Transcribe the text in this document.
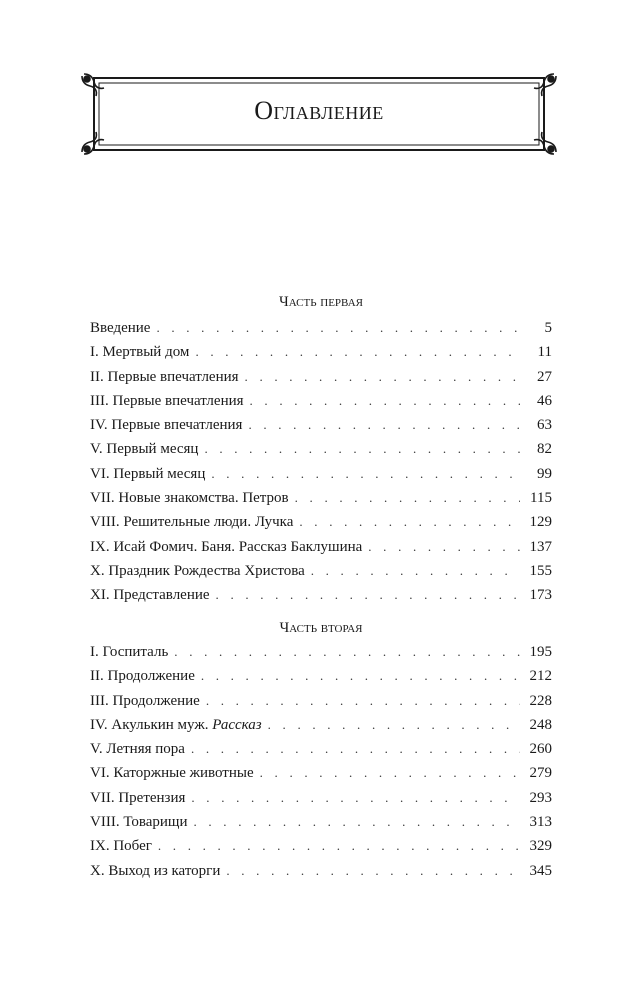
Оглавление
Часть первая
Введение . . .	5
I. Мертвый дом . . .	11
II. Первые впечатления . . .	27
III. Первые впечатления . . .	46
IV. Первые впечатления . . .	63
V. Первый месяц . . .	82
VI. Первый месяц . . .	99
VII. Новые знакомства. Петров . . .	115
VIII. Решительные люди. Лучка . . .	129
IX. Исай Фомич. Баня. Рассказ Баклушина . . .	137
X. Праздник Рождества Христова . . .	155
XI. Представление . . .	173
Часть вторая
I. Госпиталь . . .	195
II. Продолжение . . .	212
III. Продолжение . . .	228
IV. Акулькин муж. Рассказ . . .	248
V. Летняя пора . . .	260
VI. Каторжные животные . . .	279
VII. Претензия . . .	293
VIII. Товарищи . . .	313
IX. Побег . . .	329
X. Выход из каторги . . .	345
